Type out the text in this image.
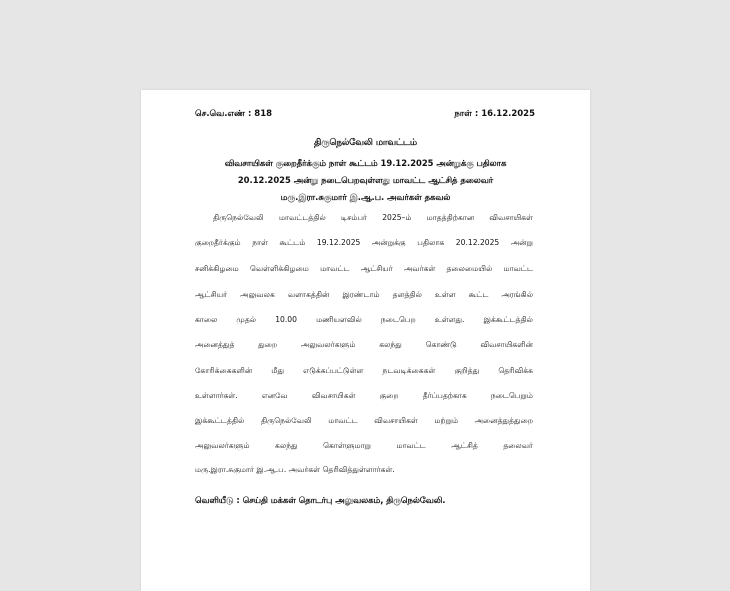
செ.வெ.எண் : 818	நாள் : 16.12.2025
திருநெல்வேலி மாவட்டம்
விவசாயிகள் குறைதீர்க்கும் நாள் கூட்டம் 19.12.2025 அன்றுக்கு பதிலாக
20.12.2025 அன்று நடைபெறவுள்ளது மாவட்ட ஆட்சித் தலைவர்
மரு.இரா.சுகுமார் இ.ஆ.ப. அவர்கள் தகவல்
திருநெல்வேலி மாவட்டத்தில் டிசம்பர் 2025–ம் மாதத்திற்கான விவசாயிகள்
குறைதீர்க்கும் நாள் கூட்டம் 19.12.2025 அன்றுக்கு பதிலாக 20.12.2025 அன்று
சனிக்கிழமை வெள்ளிக்கிழமை மாவட்ட ஆட்சியர் அவர்கள் தலைமையில் மாவட்ட
ஆட்சியர் அலுவலக வளாகத்தின் இரண்டாம் தளத்தில் உள்ள கூட்ட அரங்கில்
காலை முதல் 10.00 மணியளவில் நடைபெற உள்ளது. இக்கூட்டத்தில்
அனைத்துத் துறை அலுவலர்களும் கலந்து கொண்டு விவசாயிகளின்
கோரிக்கைகளின் மீது எடுக்கப்பட்டுள்ள நடவடிக்கைகள் குறித்து தெரிவிக்க
உள்ளார்கள். எனவே விவசாயிகள் குறை தீர்ப்பதற்காக நடைபெறும்
இக்கூட்டத்தில் திருநெல்வேலி மாவட்ட விவசாயிகள் மற்றும் அனைத்துத்துறை
அலுவலர்களும் கலந்து கொள்ளுமாறு மாவட்ட ஆட்சித் தலைவர்
மரு.இரா.சுகுமார் இ.ஆ.ப. அவர்கள் தெரிவித்துள்ளார்கள்.
வெளியீடு : செய்தி மக்கள் தொடர்பு அலுவலகம், திருநெல்வேலி.
